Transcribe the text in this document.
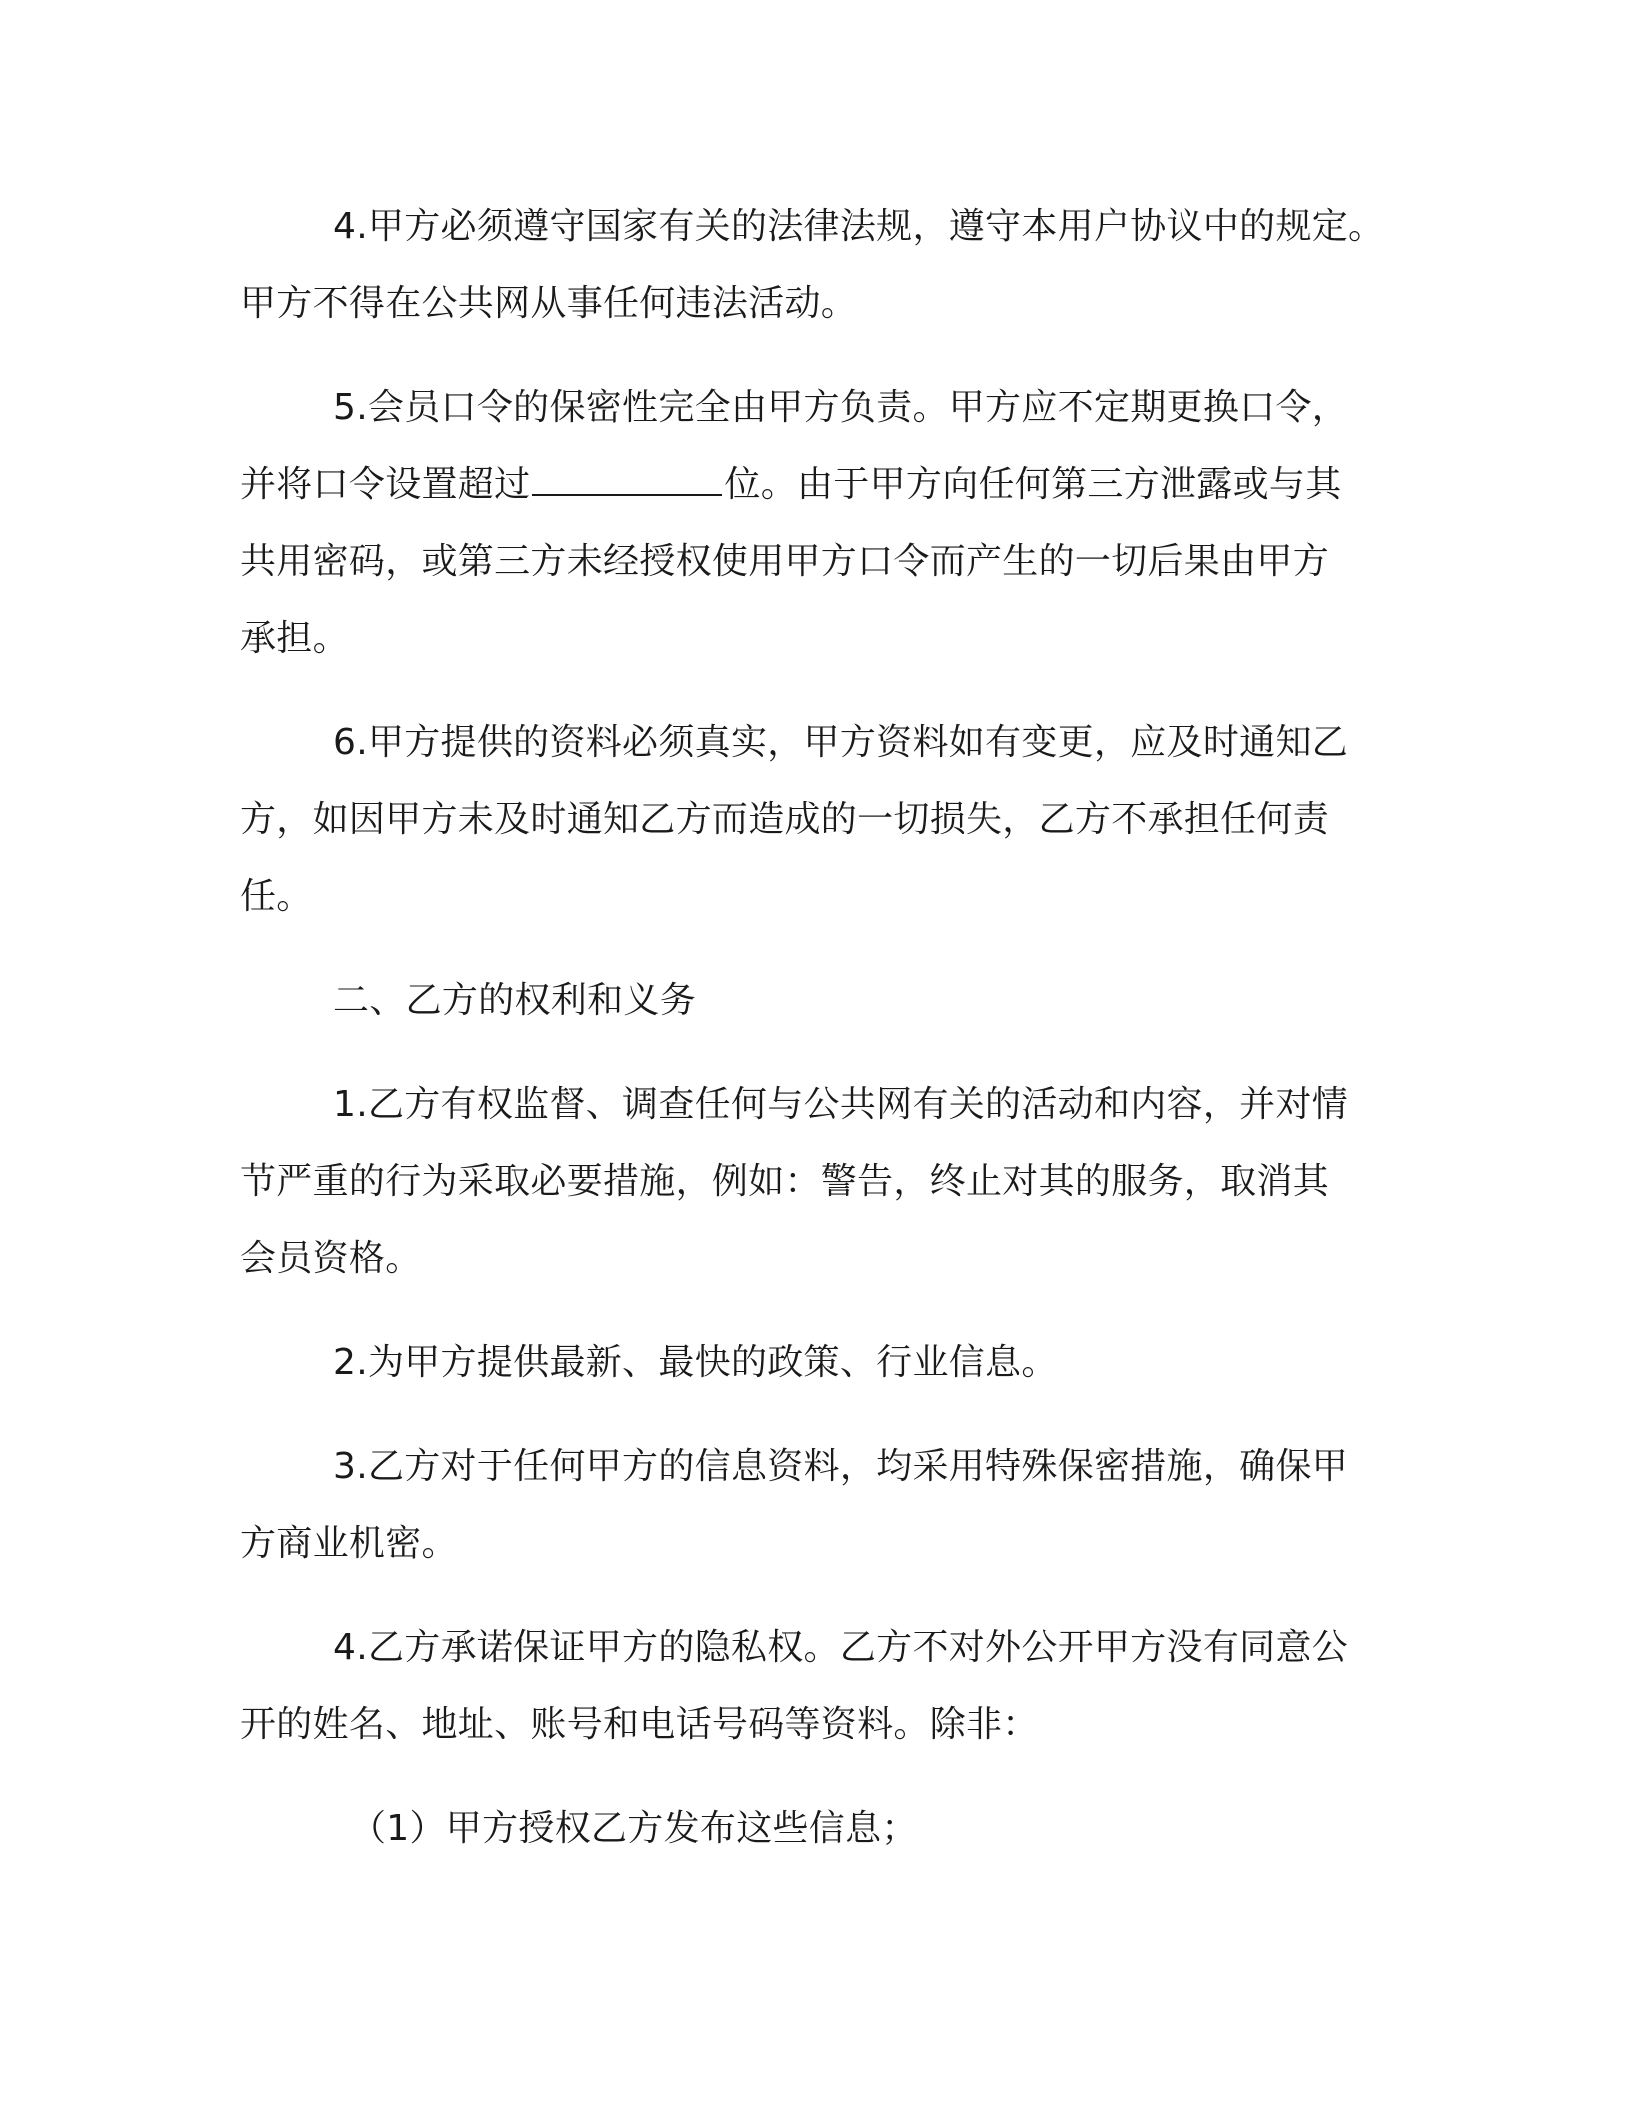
4.甲方必须遵守国家有关的法律法规，遵守本用户协议中的规定。
甲方不得在公共网从事任何违法活动。
5.会员口令的保密性完全由甲方负责。甲方应不定期更换口令，
并将口令设置超过	位。由于甲方向任何第三方泄露或与其
共用密码，或第三方未经授权使用甲方口令而产生的一切后果由甲方
承担。
6.甲方提供的资料必须真实，甲方资料如有变更，应及时通知乙
方，如因甲方未及时通知乙方而造成的一切损失，乙方不承担任何责
任。
二、乙方的权利和义务
1.乙方有权监督、调查任何与公共网有关的活动和内容，并对情
节严重的行为采取必要措施，例如：警告，终止对其的服务，取消其
会员资格。
2.为甲方提供最新、最快的政策、行业信息。
3.乙方对于任何甲方的信息资料，均采用特殊保密措施，确保甲
方商业机密。
4.乙方承诺保证甲方的隐私权。乙方不对外公开甲方没有同意公
开的姓名、地址、账号和电话号码等资料。除非：
（1）甲方授权乙方发布这些信息；
